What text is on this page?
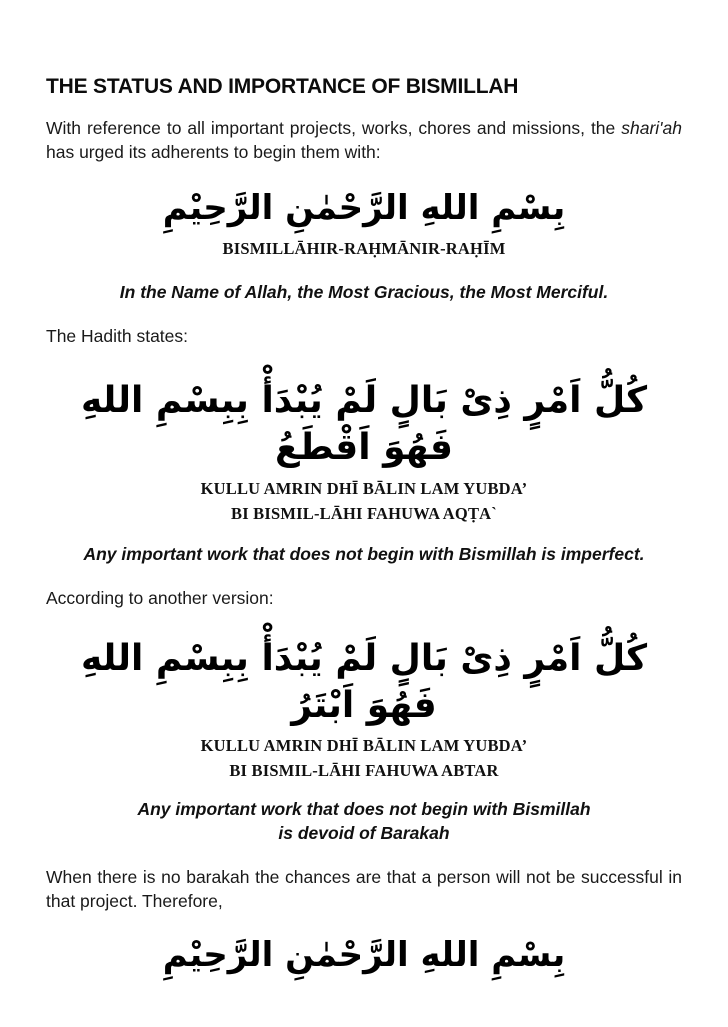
THE STATUS AND IMPORTANCE OF BISMILLAH

With reference to all important projects, works, chores and missions, the shari'ah has urged its adherents to begin them with:

بِسْمِ اللهِ الرَّحْمٰنِ الرَّحِيْمِ
BISMILLĀHIR-RAḤMĀNIR-RAḤĪM
In the Name of Allah, the Most Gracious, the Most Merciful.

The Hadith states:

كُلُّ اَمْرٍ ذِیْ بَالٍ لَمْ يُبْدَأْ بِبِسْمِ اللهِ فَهُوَ اَقْطَعُ
KULLU AMRIN DHĪ BĀLIN LAM YUBDA’
BI BISMIL-LĀHI FAHUWA AQṬA`
Any important work that does not begin with Bismillah is imperfect.

According to another version:

كُلُّ اَمْرٍ ذِیْ بَالٍ لَمْ يُبْدَأْ بِبِسْمِ اللهِ فَهُوَ اَبْتَرُ
KULLU AMRIN DHĪ BĀLIN LAM YUBDA’
BI BISMIL-LĀHI FAHUWA ABTAR
Any important work that does not begin with Bismillah
is devoid of Barakah

When there is no barakah the chances are that a person will not be successful in that project. Therefore,

بِسْمِ اللهِ الرَّحْمٰنِ الرَّحِيْمِ
